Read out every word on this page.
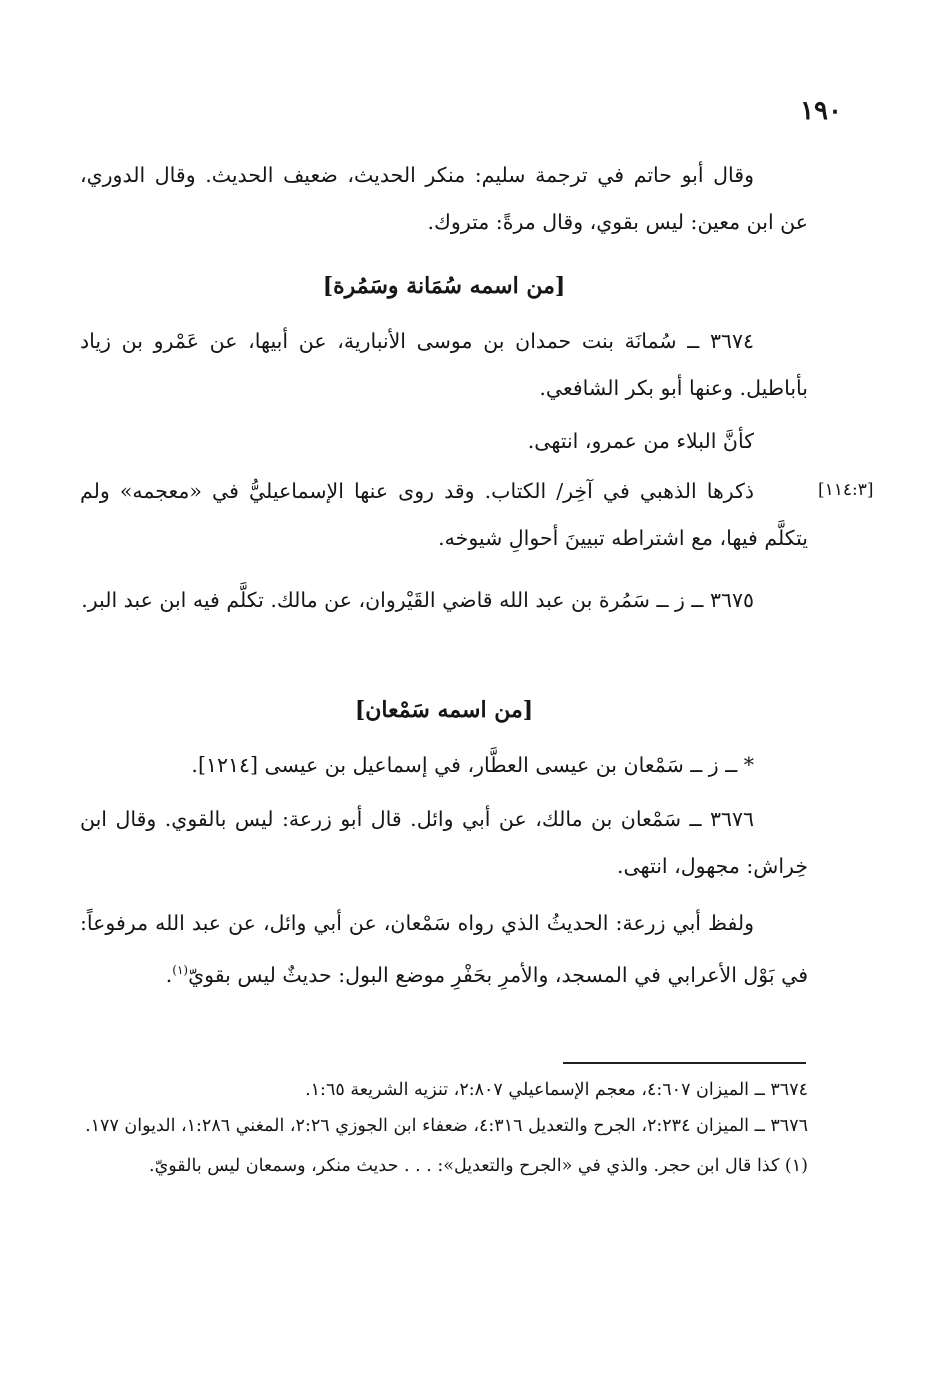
١٩٠

وقال أبو حاتم في ترجمة سليم: منكر الحديث، ضعيف الحديث. وقال الدوري، عن ابن معين: ليس بقوي، وقال مرةً: متروك.

[من اسمه سُمَانة وسَمُرة]

٣٦٧٤ ــ سُمانَة بنت حمدان بن موسى الأنبارية، عن أبيها، عن عَمْرو بن زياد بأباطيل. وعنها أبو بكر الشافعي.

كأنَّ البلاء من عمرو، انتهى.

[١١٤:٣]

ذكرها الذهبي في آخِر/ الكتاب. وقد روى عنها الإسماعيليُّ في «معجمه» ولم يتكلَّم فيها، مع اشتراطه تبيينَ أحوالِ شيوخه.

٣٦٧٥ ــ ز ــ سَمُرة بن عبد الله قاضي القَيْروان، عن مالك. تكلَّم فيه ابن عبد البر.

[من اسمه سَمْعان]

* ــ ز ــ سَمْعان بن عيسى العطَّار، في إسماعيل بن عيسى [١٢١٤].

٣٦٧٦ ــ سَمْعان بن مالك، عن أبي وائل. قال أبو زرعة: ليس بالقوي. وقال ابن خِراش: مجهول، انتهى.

ولفظ أبي زرعة: الحديثُ الذي رواه سَمْعان، عن أبي وائل، عن عبد الله مرفوعاً: في بَوْل الأعرابي في المسجد، والأمرِ بحَفْرِ موضع البول: حديثٌ ليس بقويّ$^{(١)}$.

٣٦٧٤ ــ الميزان ٤:٦٠٧، معجم الإسماعيلي ٢:٨٠٧، تنزيه الشريعة ١:٦٥.

٣٦٧٦ ــ الميزان ٢:٢٣٤، الجرح والتعديل ٤:٣١٦، ضعفاء ابن الجوزي ٢:٢٦، المغني ١:٢٨٦، الديوان ١٧٧.

(١) كذا قال ابن حجر. والذي في «الجرح والتعديل»: . . . حديث منكر، وسمعان ليس بالقويّ.
